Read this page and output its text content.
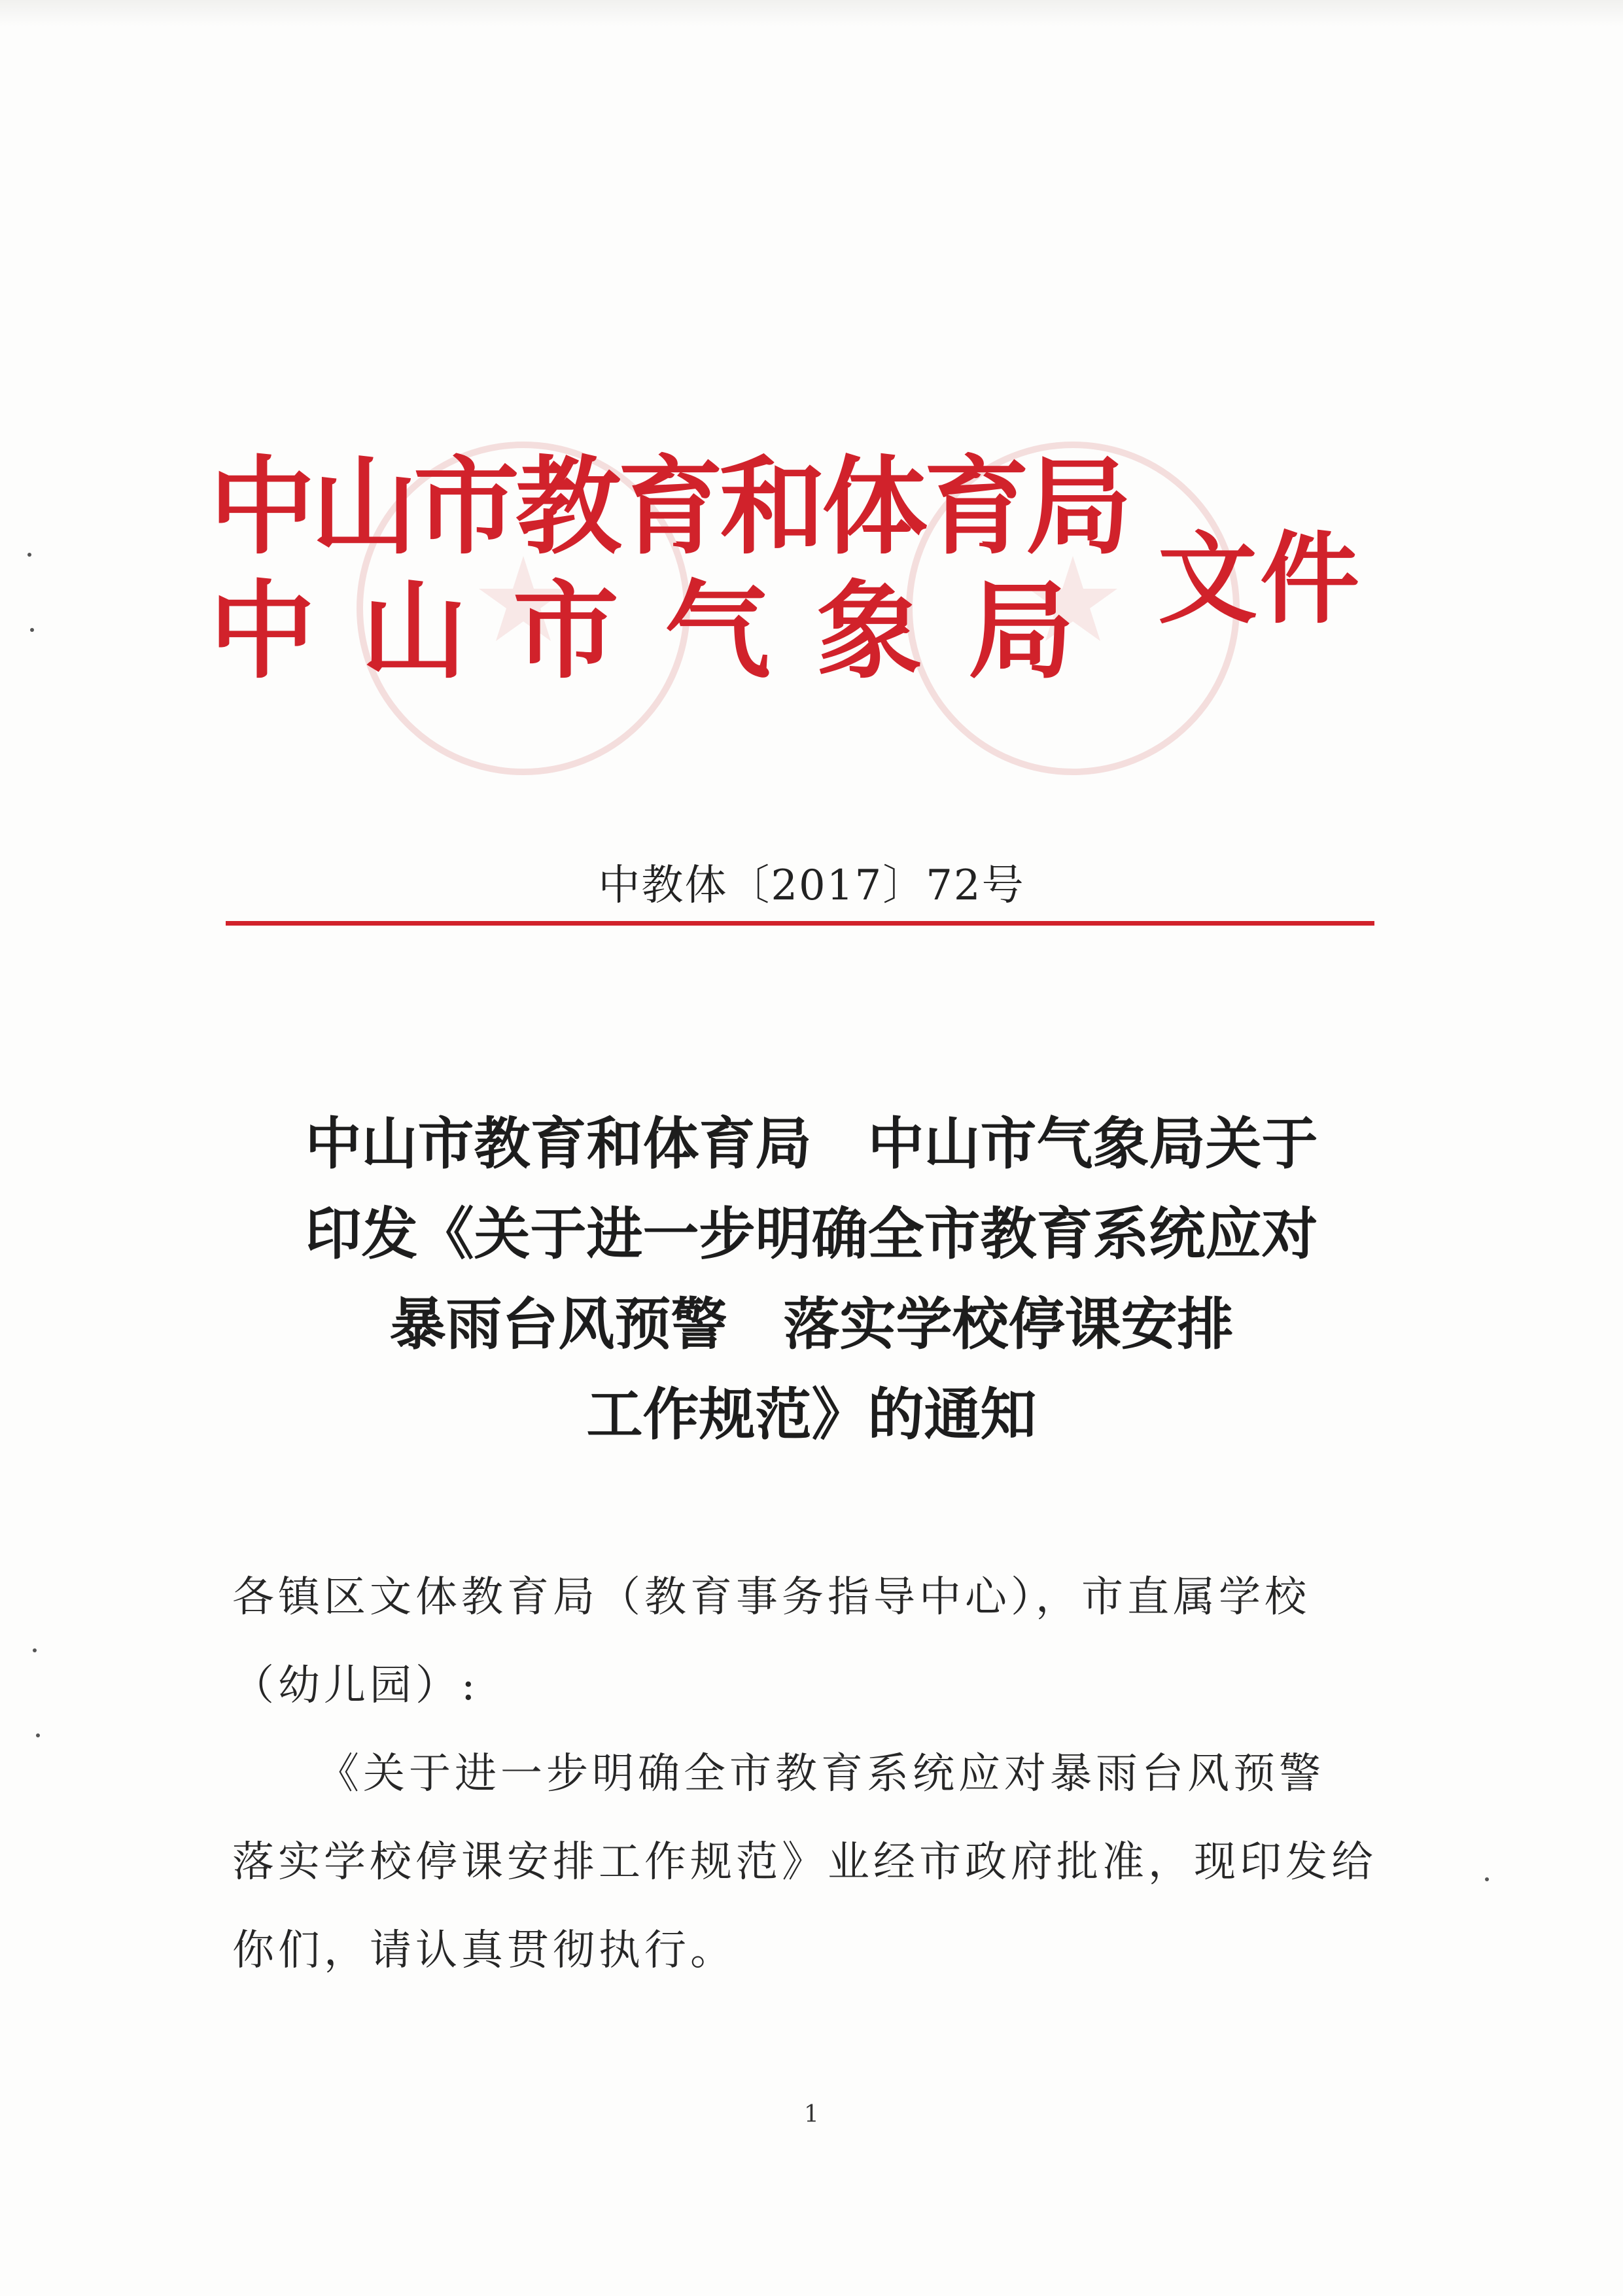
中山市教育和体育局
中山市气象局 文件
中教体〔2017〕72号
中山市教育和体育局　中山市气象局关于
印发《关于进一步明确全市教育系统应对
暴雨台风预警　落实学校停课安排
工作规范》的通知

各镇区文体教育局（教育事务指导中心），市直属学校（幼儿园）:

《关于进一步明确全市教育系统应对暴雨台风预警 落实学校停课安排工作规范》业经市政府批准，现印发给你们，请认真贯彻执行。

1
